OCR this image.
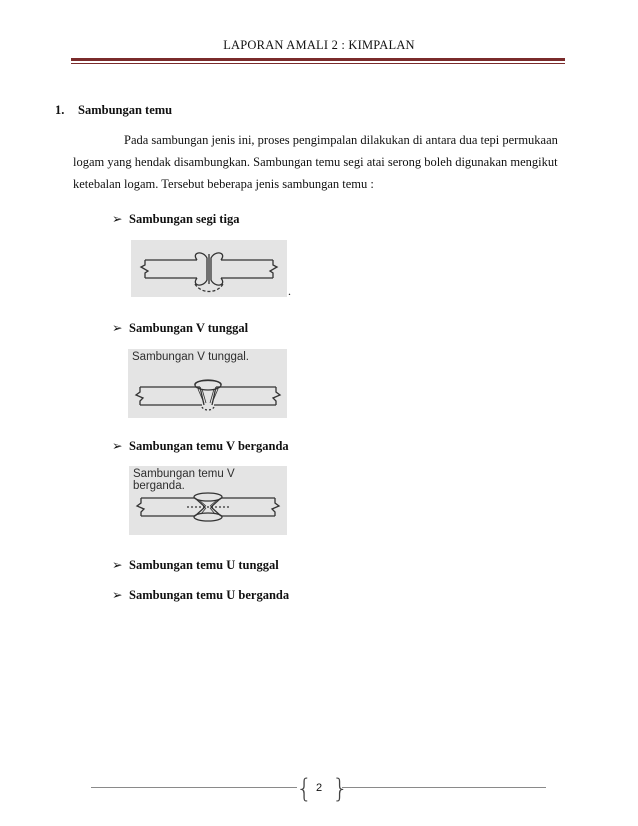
LAPORAN AMALI 2 : KIMPALAN
1. Sambungan temu
Pada sambungan jenis ini, proses pengimpalan dilakukan di antara dua tepi permukaan
logam yang hendak disambungkan. Sambungan temu segi atai serong boleh digunakan mengikut
ketebalan logam. Tersebut beberapa jenis sambungan temu :
➢ Sambungan segi tiga
.
➢ Sambungan V tunggal
Sambungan V tunggal.
➢ Sambungan temu V berganda
Sambungan temu V berganda.
➢ Sambungan temu U tunggal
➢ Sambungan temu U berganda
{ }
2
